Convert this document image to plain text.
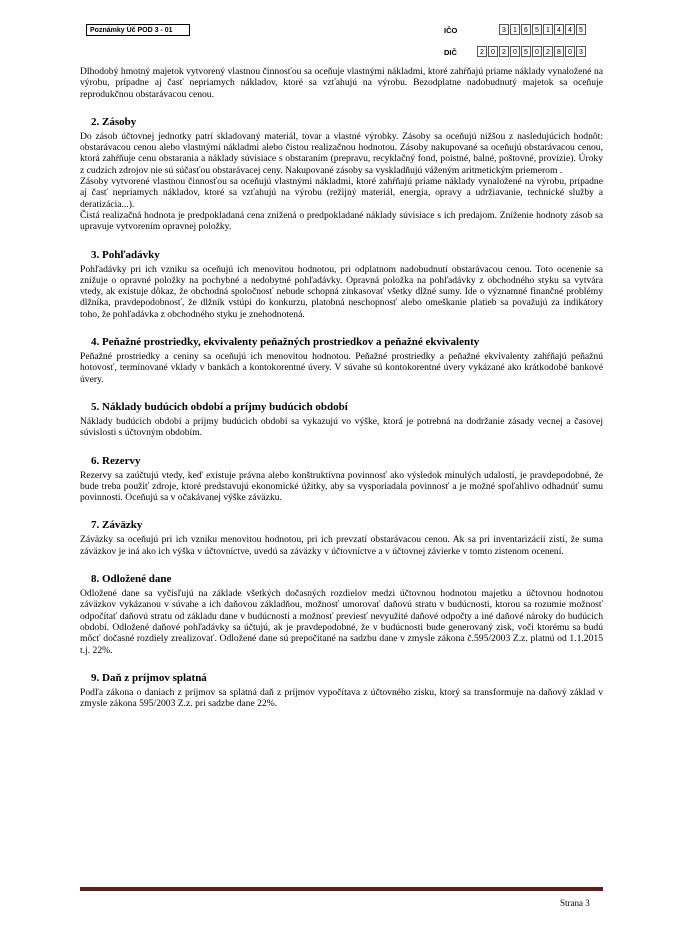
Poznámky Úč POD 3 - 01	IČO	3	1	6	5	1	4	4	5
DIČ	2	0	2	0	5	0	2	8	0	3

Dlhodobý hmotný majetok vytvorený vlastnou činnosťou sa oceňuje vlastnými nákladmi, ktoré zahŕňajú priame náklady vynaložené na výrobu, prípadne aj časť nepriamych nákladov, ktoré sa vzťahujú na výrobu. Bezodplatne nadobudnutý majetok sa oceňuje reprodukčnou obstarávacou cenou.

2. Zásoby

Do zásob účtovnej jednotky patrí skladovaný materiál, tovar a vlastné výrobky. Zásoby sa oceňujú nižšou z nasledujúcich hodnôt: obstarávacou cenou alebo vlastnými nákladmi alebo čistou realizačnou hodnotou. Zásoby nakupované sa oceňujú obstarávacou cenou, ktorá zahŕňuje cenu obstarania a náklady súvisiace s obstaraním (prepravu, recyklačný fond, poistné, balné, poštovné, provízie). Úroky z cudzích zdrojov nie sú súčasťou obstarávacej ceny. Nakupované zásoby sa vyskladňujú váženým aritmetickým priemerom .

Zásoby vytvorené vlastnou činnosťou sa oceňujú vlastnými nákladmi, ktoré zahŕňajú priame náklady vynaložené na výrobu, prípadne aj časť nepriamych nákladov, ktoré sa vzťahujú na výrobu (režijný materiál, energia, opravy a udržiavanie, technické služby a deratizácia...).

Čistá realizačná hodnota je predpokladaná cena znížená o predpokladané náklady súvisiace s ich predajom. Zníženie hodnoty zásob sa upravuje vytvorením opravnej položky.

3. Pohľadávky

Pohľadávky pri ich vzniku sa oceňujú ich menovitou hodnotou, pri odplatnom nadobudnutí obstarávacou cenou. Toto ocenenie sa znižuje o opravné položky na pochybné a nedobytné pohľadávky. Opravná položka na pohľadávky z obchodného styku sa vytvára vtedy, ak existuje dôkaz, že obchodná spoločnosť nebude schopná zinkasovať všetky dlžné sumy. Ide o významné finančné problémy dlžníka, pravdepodobnosť, že dlžník vstúpi do konkurzu, platobná neschopnosť alebo omeškanie platieb sa považujú za indikátory toho, že pohľadávka z obchodného styku je znehodnotená.

4. Peňažné prostriedky, ekvivalenty peňažných prostriedkov a peňažné ekvivalenty

Peňažné prostriedky a ceniny sa oceňujú ich menovitou hodnotou. Peňažné prostriedky a peňažné ekvivalenty zahŕňajú peňažnú hotovosť, termínované vklady v bankách a kontokorentné úvery. V súvahe sú kontokorentné úvery vykázané ako krátkodobé bankové úvery.

5. Náklady budúcich období a príjmy budúcich období

Náklady budúcich období a príjmy budúcich období sa vykazujú vo výške, ktorá je potrebná na dodržanie zásady vecnej a časovej súvislosti s účtovným obdobím.

6. Rezervy

Rezervy sa zaúčtujú vtedy, keď existuje právna alebo konštruktívna povinnosť ako výsledok minulých udalostí, je pravdepodobné, že bude treba použiť zdroje, ktoré predstavujú ekonomické úžitky, aby sa vysporiadala povinnosť a je možné spoľahlivo odhadnúť sumu povinnosti. Oceňujú sa v očakávanej výške záväzku.

7. Záväzky

Záväzky sa oceňujú pri ich vzniku menovitou hodnotou, pri ich prevzatí obstarávacou cenou. Ak sa pri inventarizácii zistí, že suma záväzkov je iná ako ich výška v účtovníctve, uvedú sa záväzky v účtovníctve a v účtovnej závierke v tomto zistenom ocenení.

8. Odložené dane

Odložené dane sa vyčísľujú na základe všetkých dočasných rozdielov medzi účtovnou hodnotou majetku a účtovnou hodnotou záväzkov vykázanou v súvahe a ich daňovou základňou, možnosť umorovať daňovú stratu v budúcnosti, ktorou sa rozumie možnosť odpočítať daňovú stratu od základu dane v budúcnosti a možnosť previesť nevyužité daňové odpočty a iné daňové nároky do budúcich období. Odložené daňové pohľadávky sa účtujú, ak je pravdepodobné, že v budúcnosti bude generovaný zisk, voči ktorému sa budú môcť dočasné rozdiely zrealizovať. Odložené dane sú prepočítané na sadzbu dane v zmysle zákona č.595/2003 Z.z. platnú od 1.1.2015 t.j. 22%.

9. Daň z príjmov splatná

Podľa zákona o daniach z príjmov sa splatná daň z príjmov vypočítava z účtovného zisku, ktorý sa transformuje na daňový základ v zmysle zákona 595/2003 Z.z. pri sadzbe dane 22%.

Strana 3
